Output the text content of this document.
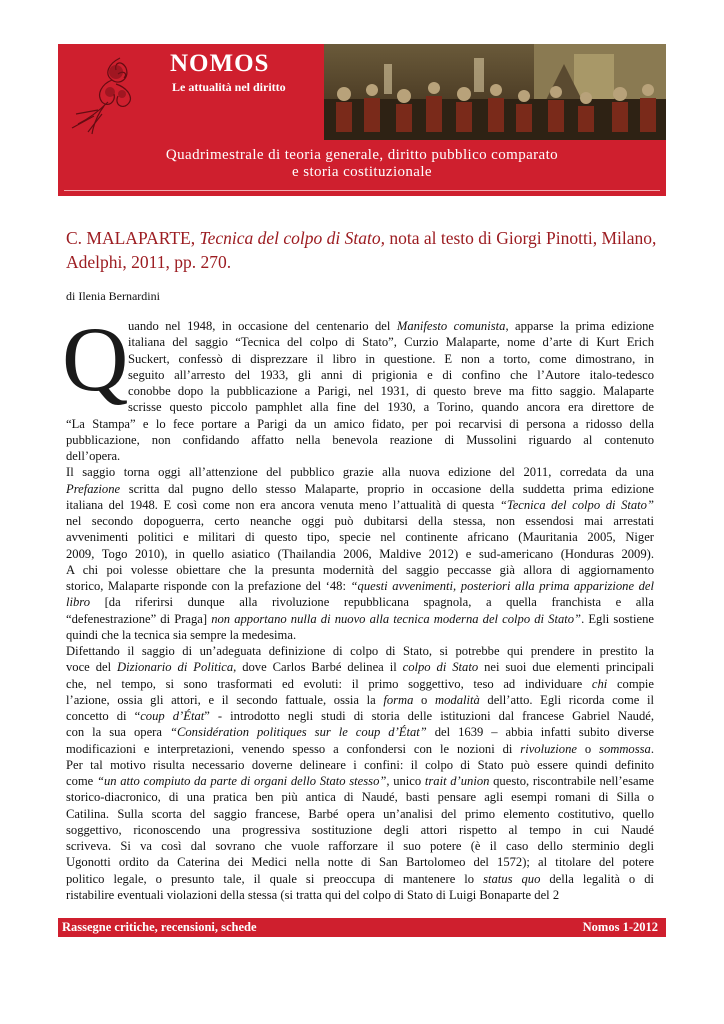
NOMOS
Le attualità nel diritto
Quadrimestrale di teoria generale, diritto pubblico comparato
e storia costituzionale
C. MALAPARTE, Tecnica del colpo di Stato, nota al testo di Giorgi Pinotti, Milano,
Adelphi, 2011, pp. 270.
di Ilenia Bernardini
Q uando nel 1948, in occasione del centenario del Manifesto comunista, apparse la prima edizione
italiana del saggio “Tecnica del colpo di Stato”, Curzio Malaparte, nome d’arte di Kurt Erich
Suckert, confessò di disprezzare il libro in questione. E non a torto, come dimostrano, in
seguito all’arresto del 1933, gli anni di prigionia e di confino che l’Autore italo-tedesco
conobbe dopo la pubblicazione a Parigi, nel 1931, di questo breve ma fitto saggio. Malaparte
scrisse questo piccolo pamphlet alla fine del 1930, a Torino, quando ancora era direttore de
“La Stampa” e lo fece portare a Parigi da un amico fidato, per poi recarvisi di persona a ridosso della
pubblicazione, non confidando affatto nella benevola reazione di Mussolini riguardo al contenuto
dell’opera.
Il saggio torna oggi all’attenzione del pubblico grazie alla nuova edizione del 2011, corredata da una
Prefazione scritta dal pugno dello stesso Malaparte, proprio in occasione della suddetta prima edizione
italiana del 1948. E così come non era ancora venuta meno l’attualità di questa “Tecnica del colpo di Stato”
nel secondo dopoguerra, certo neanche oggi può dubitarsi della stessa, non essendosi mai arrestati
avvenimenti politici e militari di questo tipo, specie nel continente africano (Mauritania 2005, Niger
2009, Togo 2010), in quello asiatico (Thailandia 2006, Maldive 2012) e sud-americano (Honduras 2009).
A chi poi volesse obiettare che la presunta modernità del saggio peccasse già allora di aggiornamento
storico, Malaparte risponde con la prefazione del ‘48: “questi avvenimenti, posteriori alla prima apparizione del
libro [da riferirsi dunque alla rivoluzione repubblicana spagnola, a quella franchista e alla
“defenestrazione” di Praga] non apportano nulla di nuovo alla tecnica moderna del colpo di Stato”. Egli sostiene
quindi che la tecnica sia sempre la medesima.
Difettando il saggio di un’adeguata definizione di colpo di Stato, si potrebbe qui prendere in prestito la
voce del Dizionario di Politica, dove Carlos Barbé delinea il colpo di Stato nei suoi due elementi principali
che, nel tempo, si sono trasformati ed evoluti: il primo soggettivo, teso ad individuare chi compie
l’azione, ossia gli attori, e il secondo fattuale, ossia la forma o modalità dell’atto. Egli ricorda come il
concetto di “coup d’État” - introdotto negli studi di storia delle istituzioni dal francese Gabriel Naudé,
con la sua opera “Considération politiques sur le coup d’État” del 1639 – abbia infatti subito diverse
modificazioni e interpretazioni, venendo spesso a confondersi con le nozioni di rivoluzione o sommossa.
Per tal motivo risulta necessario doverne delineare i confini: il colpo di Stato può essere quindi definito
come “un atto compiuto da parte di organi dello Stato stesso”, unico trait d’union questo, riscontrabile nell’esame
storico-diacronico, di una pratica ben più antica di Naudé, basti pensare agli esempi romani di Silla o
Catilina. Sulla scorta del saggio francese, Barbé opera un’analisi del primo elemento costitutivo, quello
soggettivo, riconoscendo una progressiva sostituzione degli attori rispetto al tempo in cui Naudé
scriveva. Si va così dal sovrano che vuole rafforzare il suo potere (è il caso dello sterminio degli
Ugonotti ordito da Caterina dei Medici nella notte di San Bartolomeo del 1572); al titolare del potere
politico legale, o presunto tale, il quale si preoccupa di mantenere lo status quo della legalità o di
ristabilire eventuali violazioni della stessa (si tratta qui del colpo di Stato di Luigi Bonaparte del 2
Rassegne critiche, recensioni, schede	Nomos 1-2012
